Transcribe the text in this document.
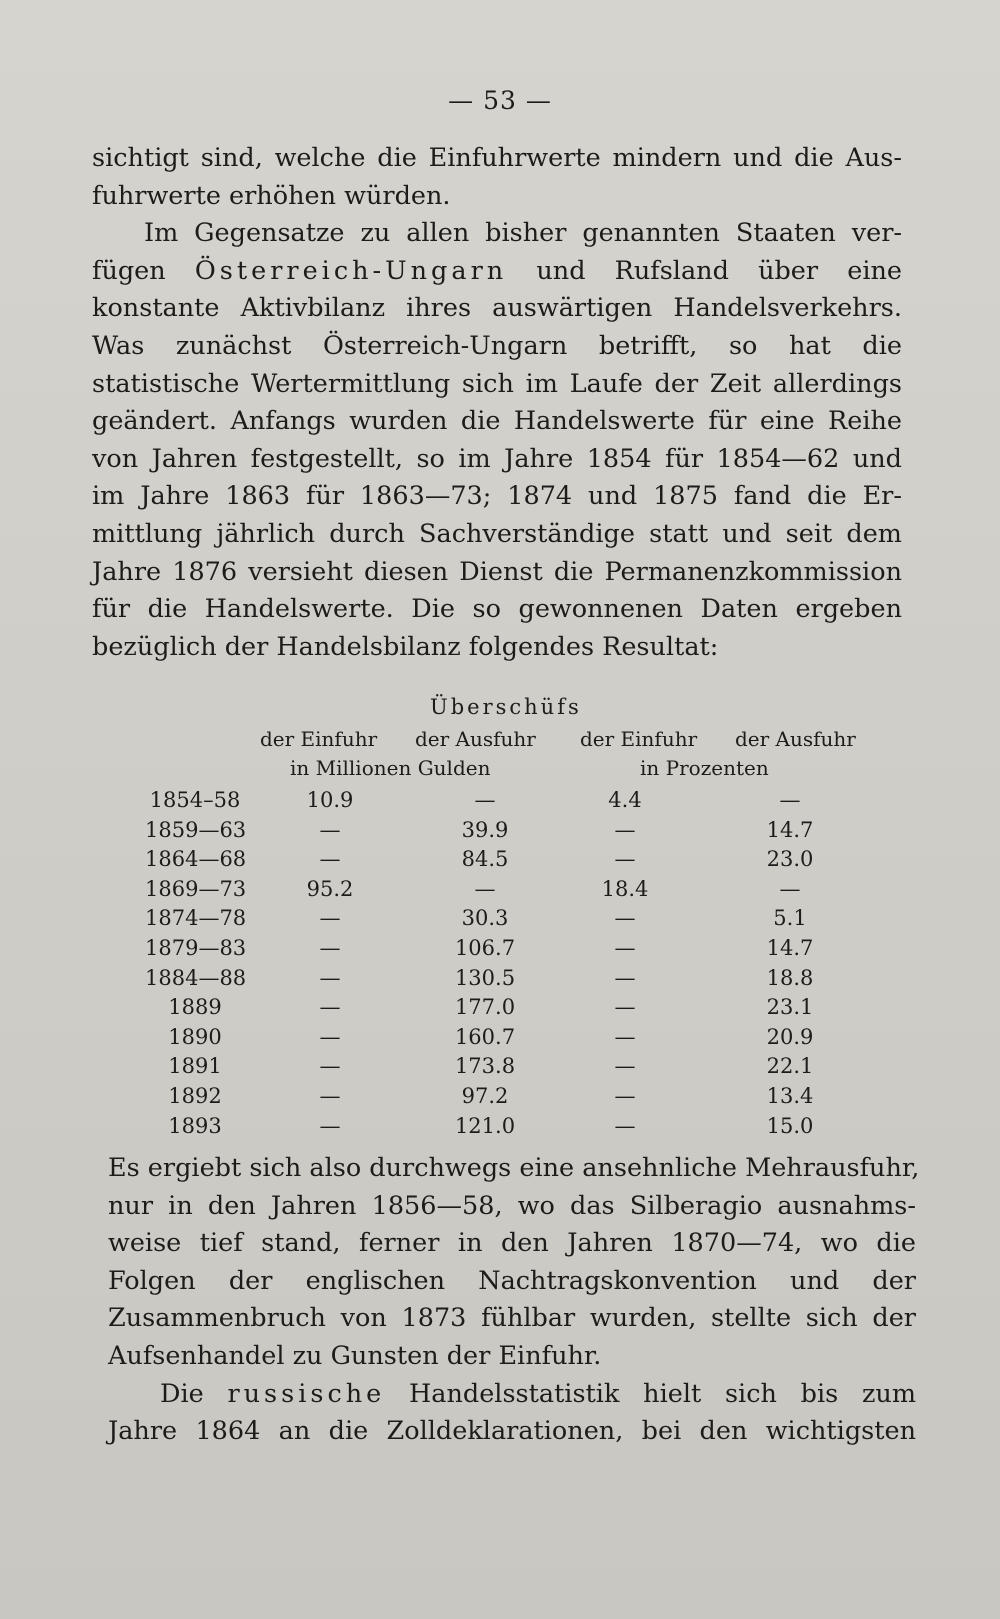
— 53 —
sichtigt sind, welche die Einfuhrwerte mindern und die Aus-
fuhrwerte erhöhen würden.
Im Gegensatze zu allen bisher genannten Staaten ver-
fügen Österreich-Ungarn und Rufsland über eine
konstante Aktivbilanz ihres auswärtigen Handelsverkehrs.
Was zunächst Österreich-Ungarn betrifft, so hat die
statistische Wertermittlung sich im Laufe der Zeit allerdings
geändert. Anfangs wurden die Handelswerte für eine Reihe
von Jahren festgestellt, so im Jahre 1854 für 1854—62 und
im Jahre 1863 für 1863—73; 1874 und 1875 fand die Er-
mittlung jährlich durch Sachverständige statt und seit dem
Jahre 1876 versieht diesen Dienst die Permanenzkommission
für die Handelswerte. Die so gewonnenen Daten ergeben
bezüglich der Handelsbilanz folgendes Resultat:
Überschüfs
der Einfuhr der Ausfuhr der Einfuhr der Ausfuhr
in Millionen Gulden	in Prozenten
1854–58	10.9	—	4.4	—
1859—63	—	39.9	—	14.7
1864—68	—	84.5	—	23.0
1869—73	95.2	—	18.4	—
1874—78	—	30.3	—	5.1
1879—83	—	106.7	—	14.7
1884—88	—	130.5	—	18.8
1889	—	177.0	—	23.1
1890	—	160.7	—	20.9
1891	—	173.8	—	22.1
1892	—	97.2	—	13.4
1893	—	121.0	—	15.0
Es ergiebt sich also durchwegs eine ansehnliche Mehrausfuhr,
nur in den Jahren 1856—58, wo das Silberagio ausnahms-
weise tief stand, ferner in den Jahren 1870—74, wo die
Folgen der englischen Nachtragskonvention und der
Zusammenbruch von 1873 fühlbar wurden, stellte sich der
Aufsenhandel zu Gunsten der Einfuhr.
Die russische Handelsstatistik hielt sich bis zum
Jahre 1864 an die Zolldeklarationen, bei den wichtigsten
